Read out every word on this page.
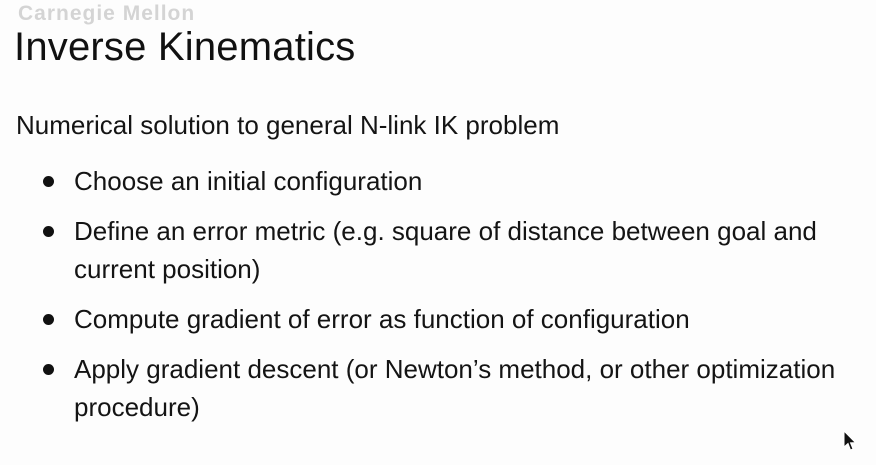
Carnegie Mellon
Inverse Kinematics
Numerical solution to general N-link IK problem
Choose an initial configuration
Define an error metric (e.g. square of distance between goal and current position)
Compute gradient of error as function of configuration
Apply gradient descent (or Newton’s method, or other optimization procedure)
